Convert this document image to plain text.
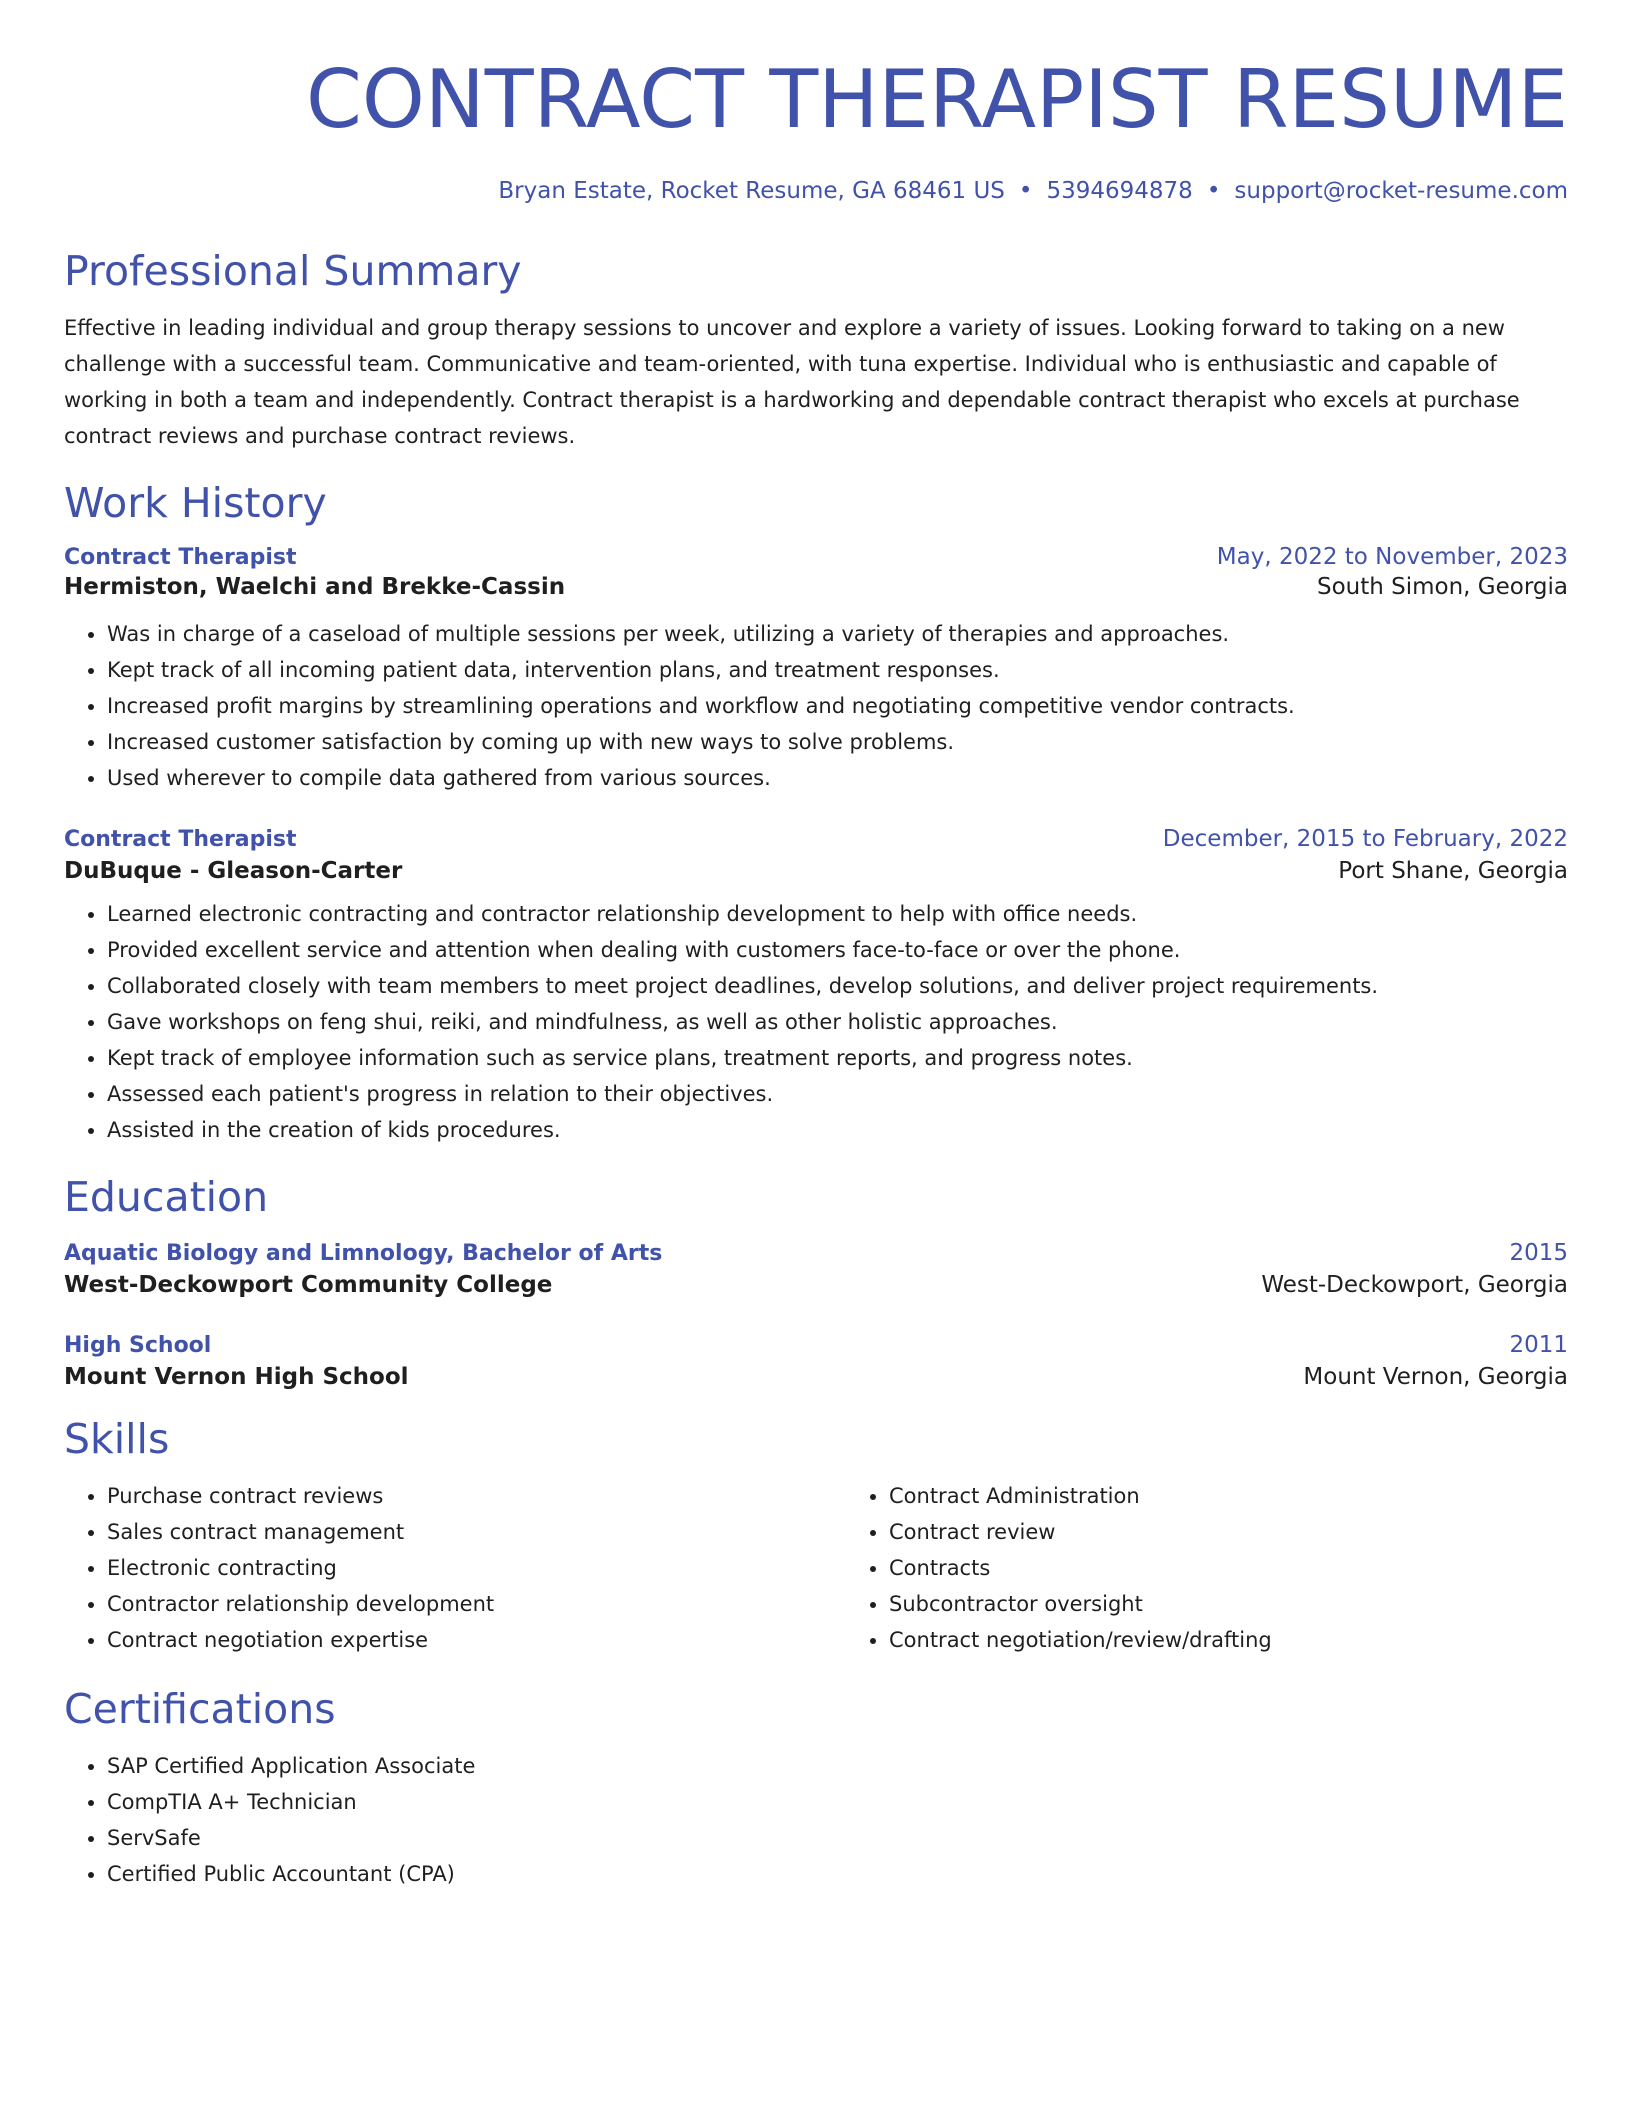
CONTRACT THERAPIST RESUME
Bryan Estate, Rocket Resume, GA 68461 US • 5394694878 • support@rocket-resume.com
Professional Summary
Effective in leading individual and group therapy sessions to uncover and explore a variety of issues. Looking forward to taking on a new challenge with a successful team. Communicative and team-oriented, with tuna expertise. Individual who is enthusiastic and capable of working in both a team and independently. Contract therapist is a hardworking and dependable contract therapist who excels at purchase contract reviews and purchase contract reviews.
Work History
Contract Therapist	May, 2022 to November, 2023
Hermiston, Waelchi and Brekke-Cassin	South Simon, Georgia
• Was in charge of a caseload of multiple sessions per week, utilizing a variety of therapies and approaches.
• Kept track of all incoming patient data, intervention plans, and treatment responses.
• Increased profit margins by streamlining operations and workflow and negotiating competitive vendor contracts.
• Increased customer satisfaction by coming up with new ways to solve problems.
• Used wherever to compile data gathered from various sources.
Contract Therapist	December, 2015 to February, 2022
DuBuque - Gleason-Carter	Port Shane, Georgia
• Learned electronic contracting and contractor relationship development to help with office needs.
• Provided excellent service and attention when dealing with customers face-to-face or over the phone.
• Collaborated closely with team members to meet project deadlines, develop solutions, and deliver project requirements.
• Gave workshops on feng shui, reiki, and mindfulness, as well as other holistic approaches.
• Kept track of employee information such as service plans, treatment reports, and progress notes.
• Assessed each patient's progress in relation to their objectives.
• Assisted in the creation of kids procedures.
Education
Aquatic Biology and Limnology, Bachelor of Arts	2015
West-Deckowport Community College	West-Deckowport, Georgia
High School	2011
Mount Vernon High School	Mount Vernon, Georgia
Skills
• Purchase contract reviews
• Sales contract management
• Electronic contracting
• Contractor relationship development
• Contract negotiation expertise
• Contract Administration
• Contract review
• Contracts
• Subcontractor oversight
• Contract negotiation/review/drafting
Certifications
• SAP Certified Application Associate
• CompTIA A+ Technician
• ServSafe
• Certified Public Accountant (CPA)
